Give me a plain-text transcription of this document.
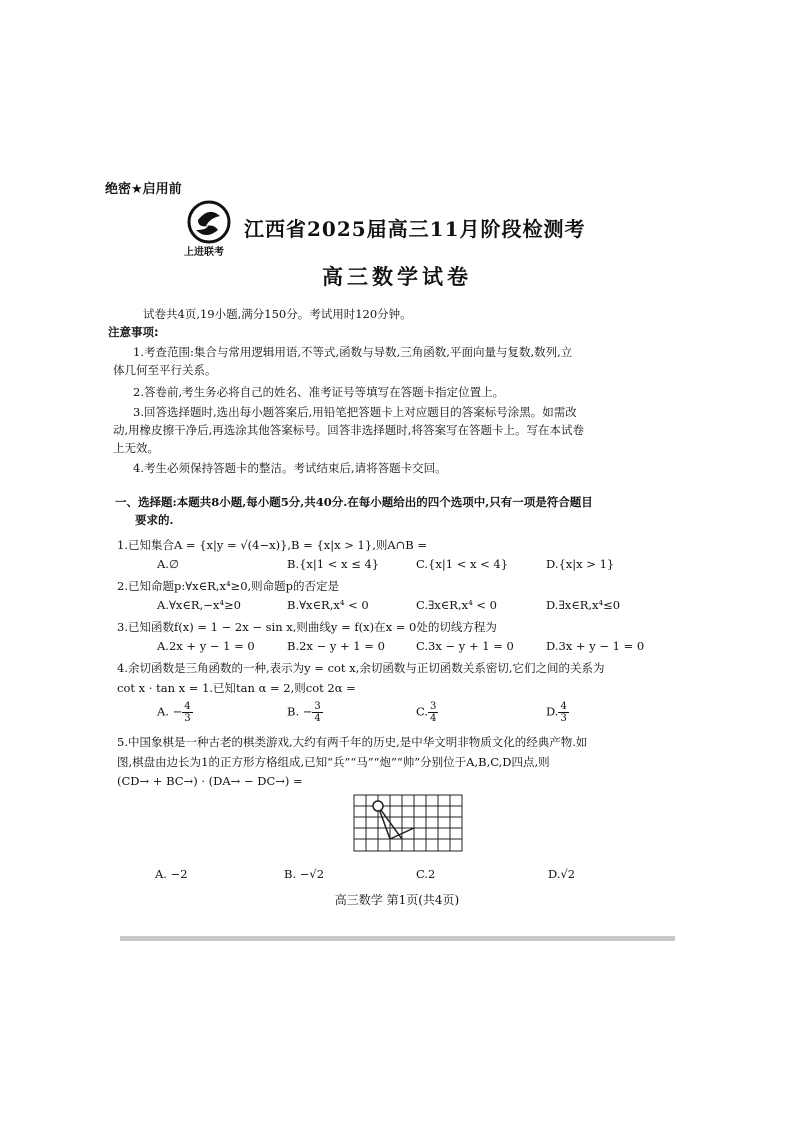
绝密★启用前
上进联考
江西省2025届高三11月阶段检测考
高三数学试卷
试卷共4页,19小题,满分150分。考试用时120分钟。
注意事项:
1.考查范围:集合与常用逻辑用语,不等式,函数与导数,三角函数,平面向量与复数,数列,立
体几何至平行关系。
2.答卷前,考生务必将自己的姓名、准考证号等填写在答题卡指定位置上。
3.回答选择题时,选出每小题答案后,用铅笔把答题卡上对应题目的答案标号涂黑。如需改
动,用橡皮擦干净后,再选涂其他答案标号。回答非选择题时,将答案写在答题卡上。写在本试卷
上无效。
4.考生必须保持答题卡的整洁。考试结束后,请将答题卡交回。
一、选择题:本题共8小题,每小题5分,共40分.在每小题给出的四个选项中,只有一项是符合题目
要求的.
1.已知集合A = {x|y = √(4−x)},B = {x|x > 1},则A∩B =
A.∅	B.{x|1 < x ≤ 4}	C.{x|1 < x < 4}	D.{x|x > 1}
2.已知命题p:∀x∈R,x⁴≥0,则命题p的否定是
A.∀x∈R,−x⁴≥0	B.∀x∈R,x⁴ < 0	C.∃x∈R,x⁴ < 0	D.∃x∈R,x⁴≤0
3.已知函数f(x) = 1 − 2x − sin x,则曲线y = f(x)在x = 0处的切线方程为
A.2x + y − 1 = 0	B.2x − y + 1 = 0	C.3x − y + 1 = 0	D.3x + y − 1 = 0
4.余切函数是三角函数的一种,表示为y = cot x,余切函数与正切函数关系密切,它们之间的关系为
cot x · tan x = 1.已知tan α = 2,则cot 2α =
A. − $\frac{4}{3}$	B. − $\frac{3}{4}$	C. $\frac{3}{4}$	D. $\frac{4}{3}$
5.中国象棋是一种古老的棋类游戏,大约有两千年的历史,是中华文明非物质文化的经典产物.如
图,棋盘由边长为1的正方形方格组成,已知“兵”“马”“炮”“帅”分别位于A,B,C,D四点,则
(CD→ + BC→) · (DA→ − DC→) =
A. −2	B. −√2	C.2	D.√2
高三数学 第1页(共4页)
